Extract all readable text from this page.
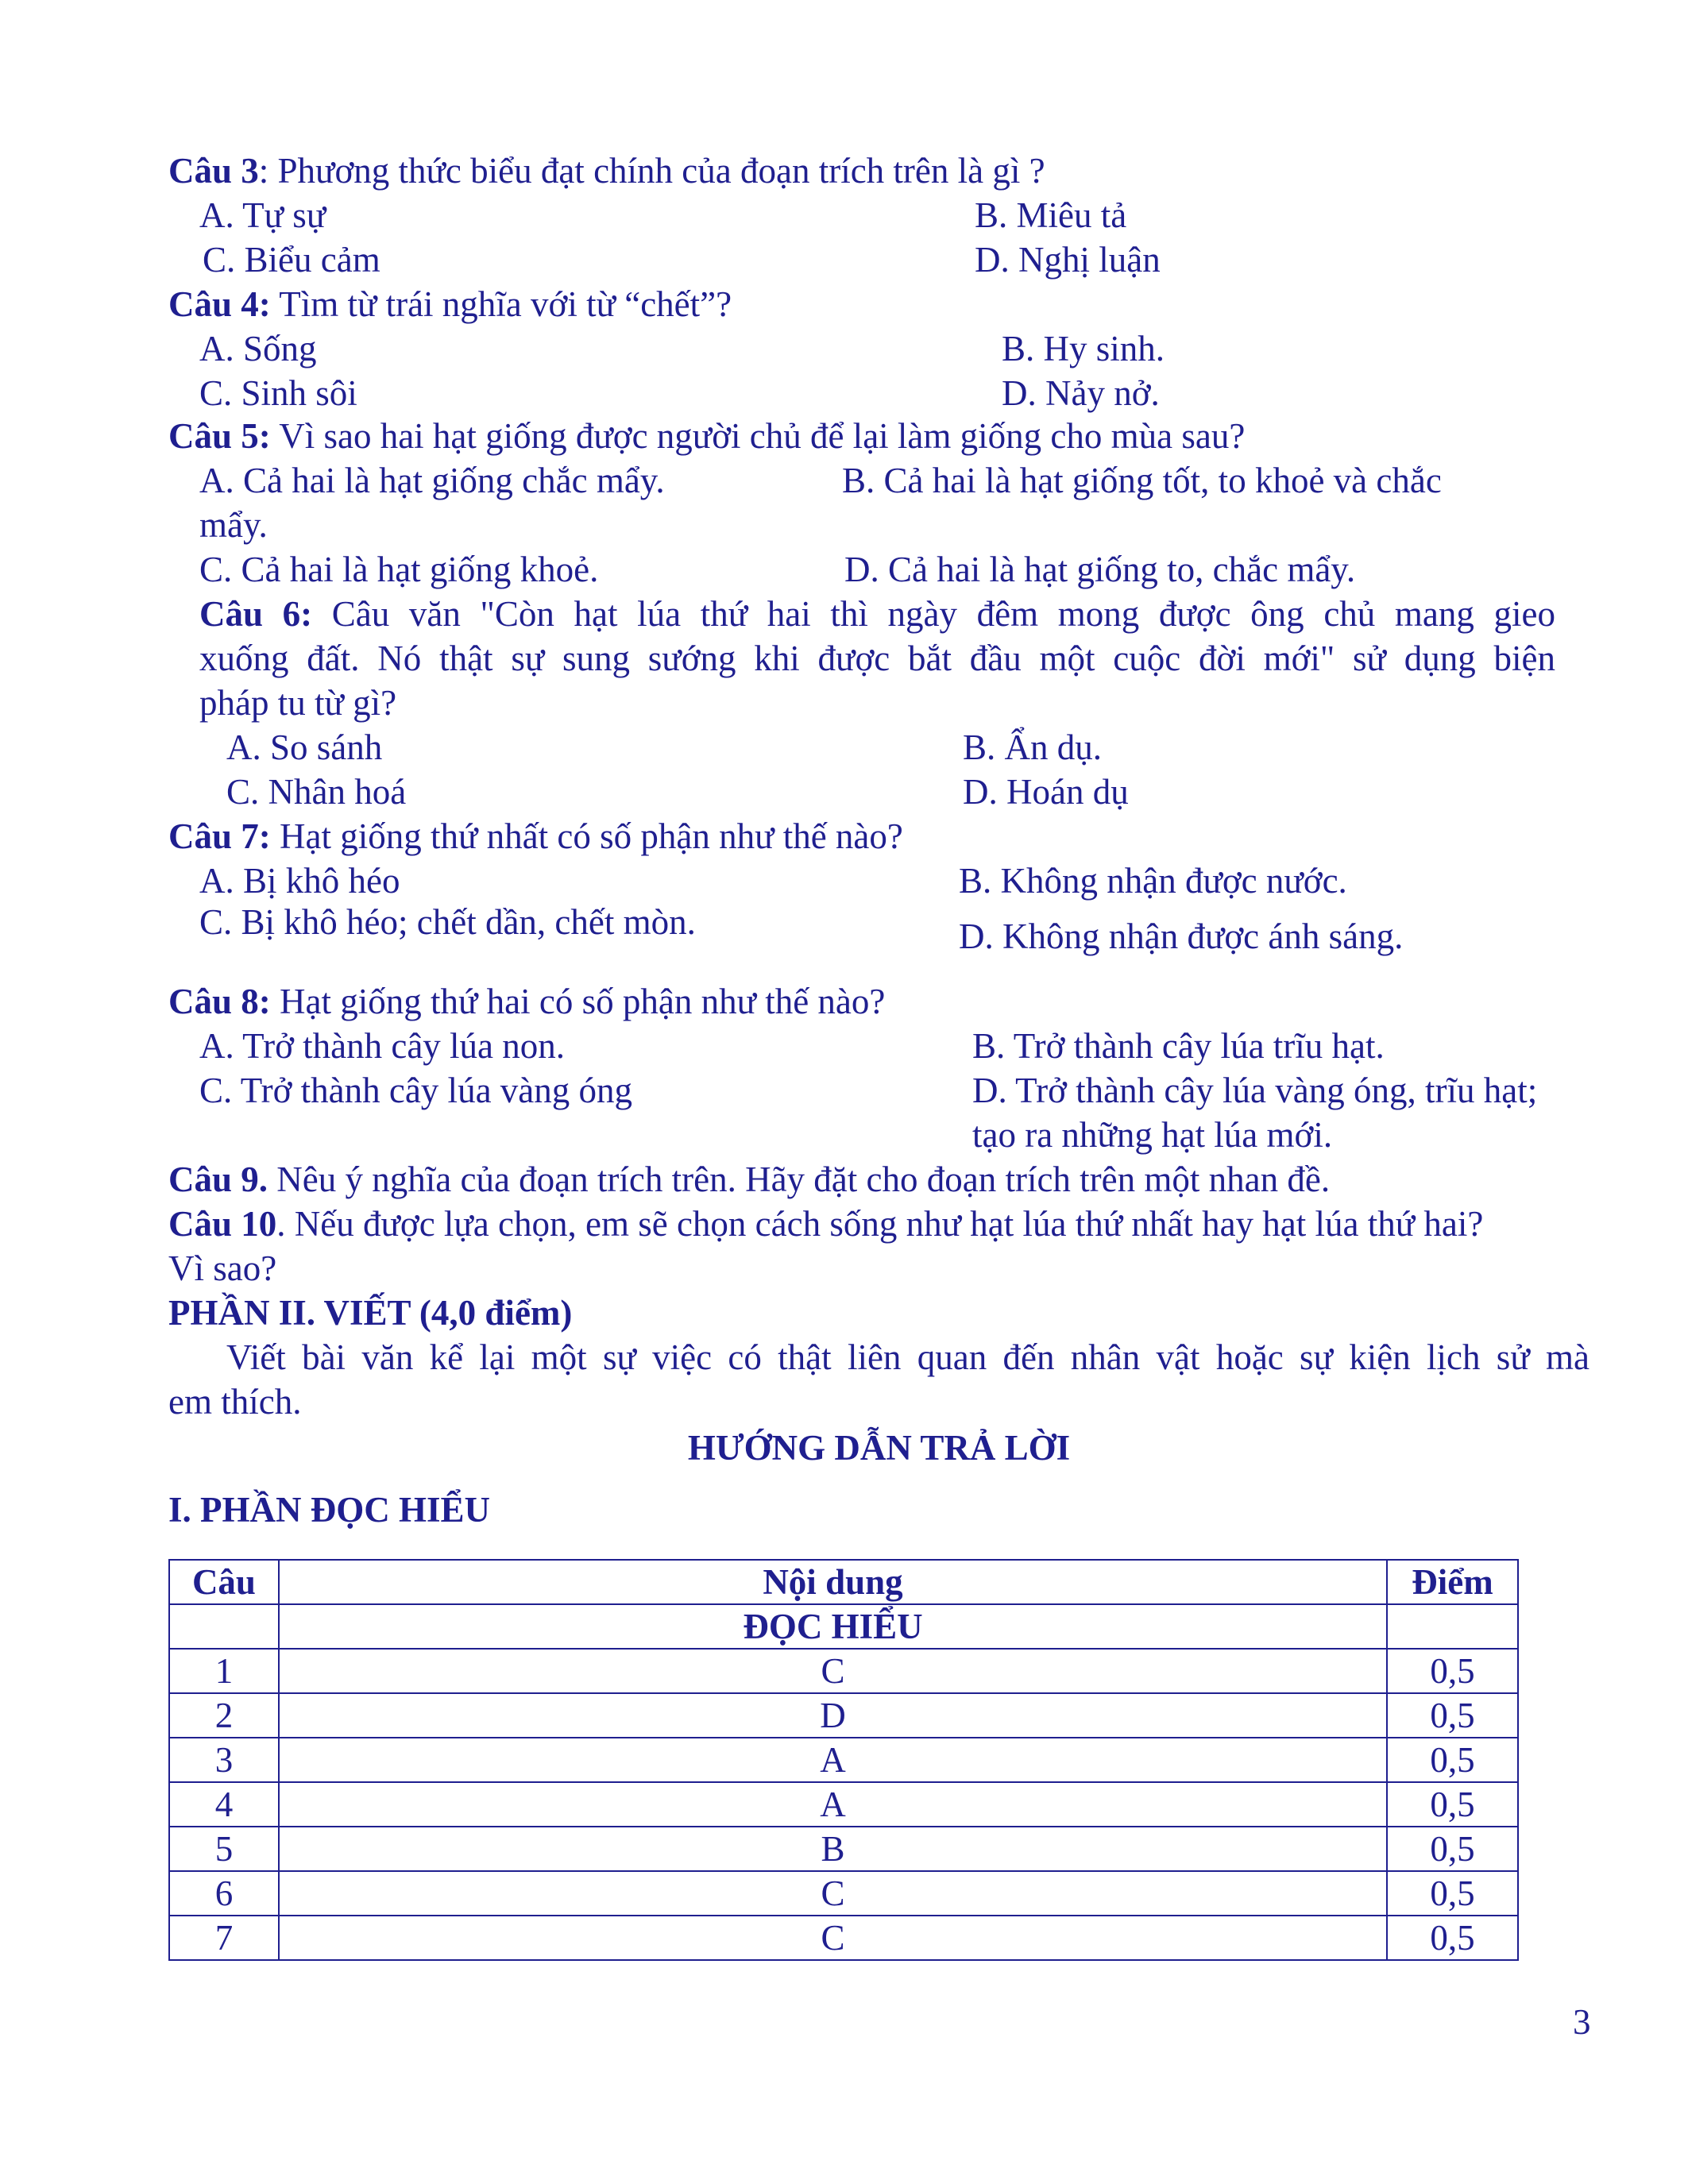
Câu 3: Phương thức biểu đạt chính của đoạn trích trên là gì ?
A. Tự sự	B. Miêu tả
C. Biểu cảm	D. Nghị luận
Câu 4: Tìm từ trái nghĩa với từ “chết”?
A. Sống	B. Hy sinh.
C. Sinh sôi	D. Nảy nở.
Câu 5: Vì sao hai hạt giống được người chủ để lại làm giống cho mùa sau?
A. Cả hai là hạt giống chắc mẩy.	B. Cả hai là hạt giống tốt, to khoẻ và chắc
mẩy.
C. Cả hai là hạt giống khoẻ.	D. Cả hai là hạt giống to, chắc mẩy.
Câu 6: Câu văn "Còn hạt lúa thứ hai thì ngày đêm mong được ông chủ mang gieo
xuống đất. Nó thật sự sung sướng khi được bắt đầu một cuộc đời mới" sử dụng biện
pháp tu từ gì?
A. So sánh	B. Ẩn dụ.
C. Nhân hoá	D. Hoán dụ
Câu 7: Hạt giống thứ nhất có số phận như thế nào?
A. Bị khô héo	B. Không nhận được nước.
C. Bị khô héo; chết dần, chết mòn.	D. Không nhận được ánh sáng.
Câu 8: Hạt giống thứ hai có số phận như thế nào?
A. Trở thành cây lúa non.	B. Trở thành cây lúa trĩu hạt.
C. Trở thành cây lúa vàng óng	D. Trở thành cây lúa vàng óng, trĩu hạt;
tạo ra những hạt lúa mới.
Câu 9. Nêu ý nghĩa của đoạn trích trên. Hãy đặt cho đoạn trích trên một nhan đề.
Câu 10. Nếu được lựa chọn, em sẽ chọn cách sống như hạt lúa thứ nhất hay hạt lúa thứ hai?
Vì sao?
PHẦN II. VIẾT (4,0 điểm)
Viết bài văn kể lại một sự việc có thật liên quan đến nhân vật hoặc sự kiện lịch sử mà
em thích.
HƯỚNG DẪN TRẢ LỜI
I. PHẦN ĐỌC HIỂU
Câu	Nội dung	Điểm
	ĐỌC HIỂU	
1	C	0,5
2	D	0,5
3	A	0,5
4	A	0,5
5	B	0,5
6	C	0,5
7	C	0,5
3
